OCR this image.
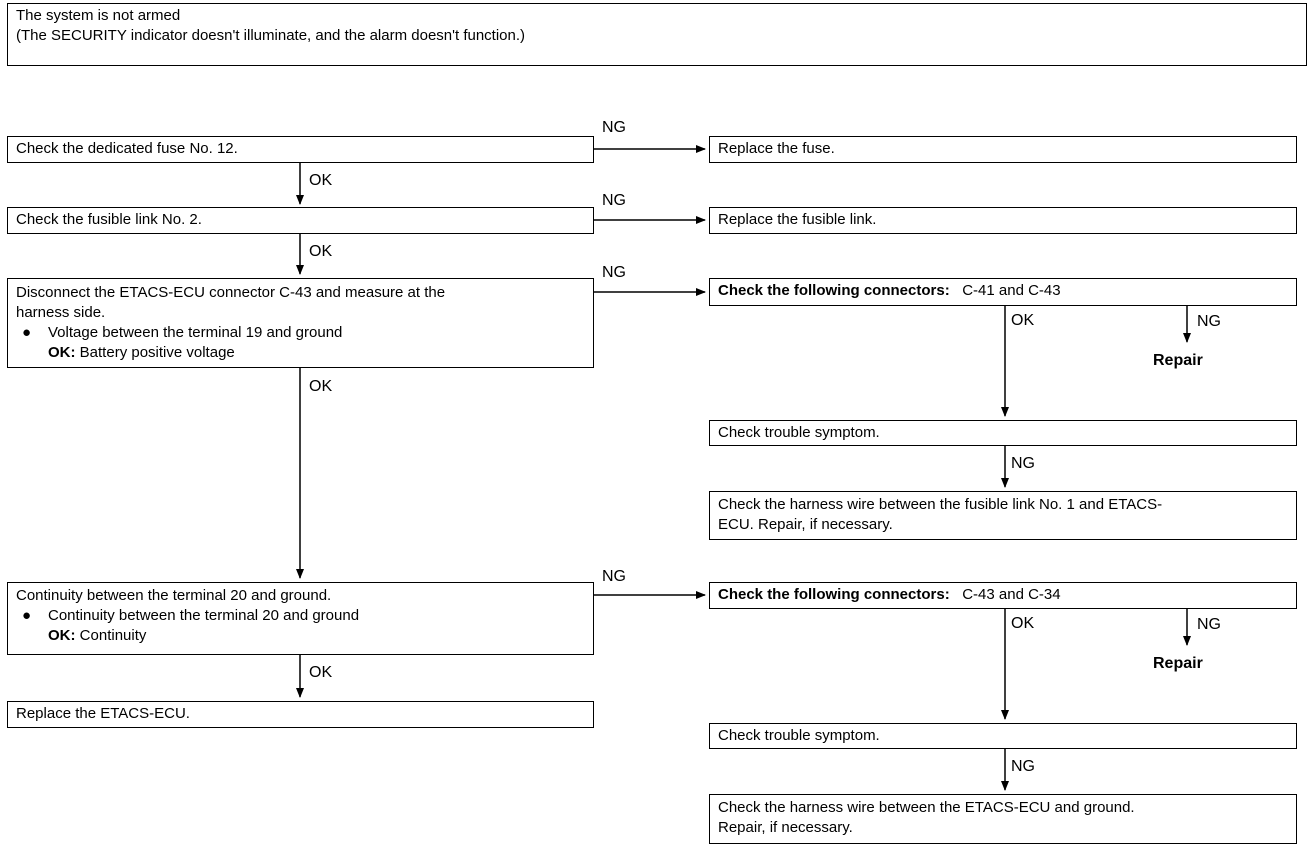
The system is not armed
(The SECURITY indicator doesn't illuminate, and the alarm doesn't function.)
Check the dedicated fuse No. 12.
Check the fusible link No. 2.
Disconnect the ETACS-ECU connector C-43 and measure at the
harness side.
● Voltage between the terminal 19 and ground
OK: Battery positive voltage
Continuity between the terminal 20 and ground.
● Continuity between the terminal 20 and ground
OK: Continuity
Replace the ETACS-ECU.
Replace the fuse.
Replace the fusible link.
Check the following connectors: C-41 and C-43
Repair
Check trouble symptom.
Check the harness wire between the fusible link No. 1 and ETACS-
ECU. Repair, if necessary.
Check the following connectors: C-43 and C-34
Repair
Check trouble symptom.
Check the harness wire between the ETACS-ECU and ground.
Repair, if necessary.
NG
NG
NG
NG
OK
OK
OK
OK
OK	NG
NG
OK	NG
NG
